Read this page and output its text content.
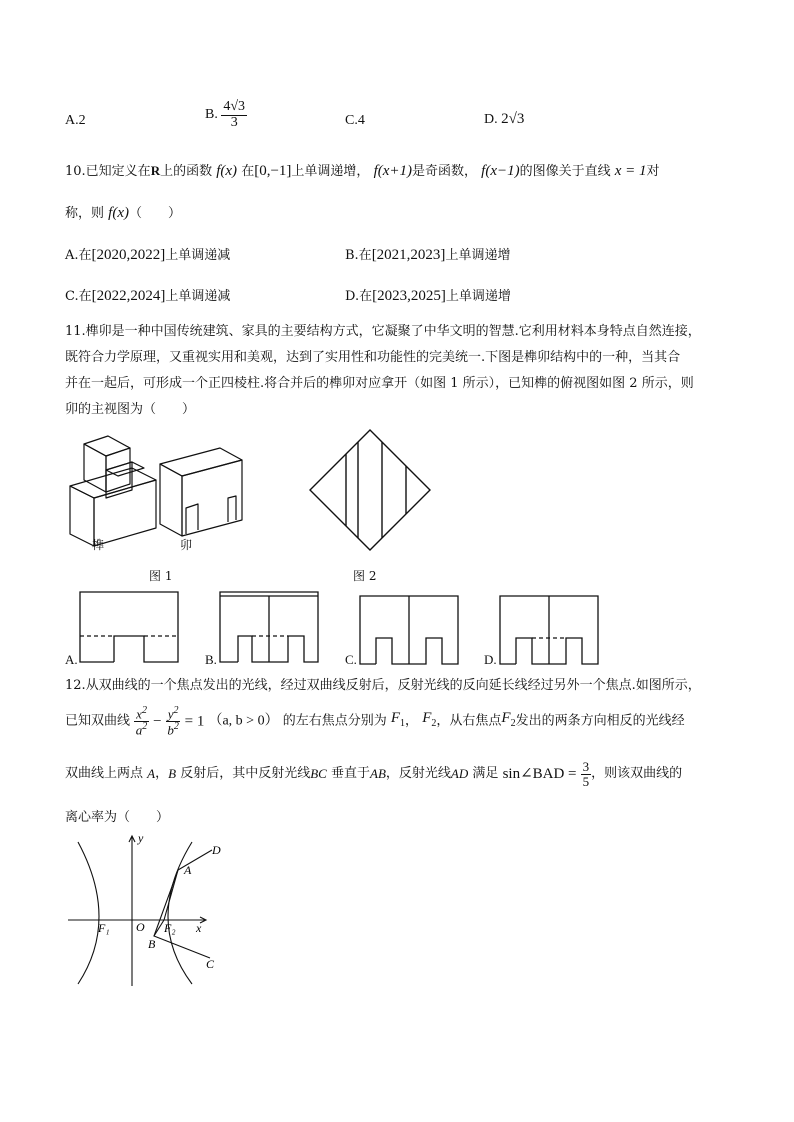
A.2	B. $\frac{4√3}{3}$	C.4	D. 2√3
10.已知定义在R上的函数 f(x) 在[0,−1]上单调递增， f(x+1)是奇函数， f(x−1)的图像关于直线 x = 1对
称，则 f(x)（　　）
A.在[2020,2022]上单调递减	B.在[2021,2023]上单调递增
C.在[2022,2024]上单调递减	D.在[2023,2025]上单调递增
11.榫卯是一种中国传统建筑、家具的主要结构方式，它凝聚了中华文明的智慧.它利用材料本身特点自然连接，
既符合力学原理，又重视实用和美观，达到了实用性和功能性的完美统一.下图是榫卯结构中的一种，当其合
并在一起后，可形成一个正四棱柱.将合并后的榫卯对应拿开（如图 1 所示），已知榫的俯视图如图 2 所示，则
卯的主视图为（　　）
榫	卯
图 1	图 2
A.	B.	C.	D.
12.从双曲线的一个焦点发出的光线，经过双曲线反射后，反射光线的反向延长线经过另外一个焦点.如图所示，
已知双曲线 $\frac{x^2}{a^2} - \frac{y^2}{b^2} = 1$ （a, b > 0） 的左右焦点分别为 $F_1$， $F_2$，从右焦点$F_2$发出的两条方向相反的光线经
双曲线上两点 A，B 反射后，其中反射光线BC 垂直于AB，反射光线AD 满足 sin∠BAD = $\frac{3}{5}$ ，则该双曲线的
离心率为（　　）
y
x
O
F₁	F₂
A
B
C
D
